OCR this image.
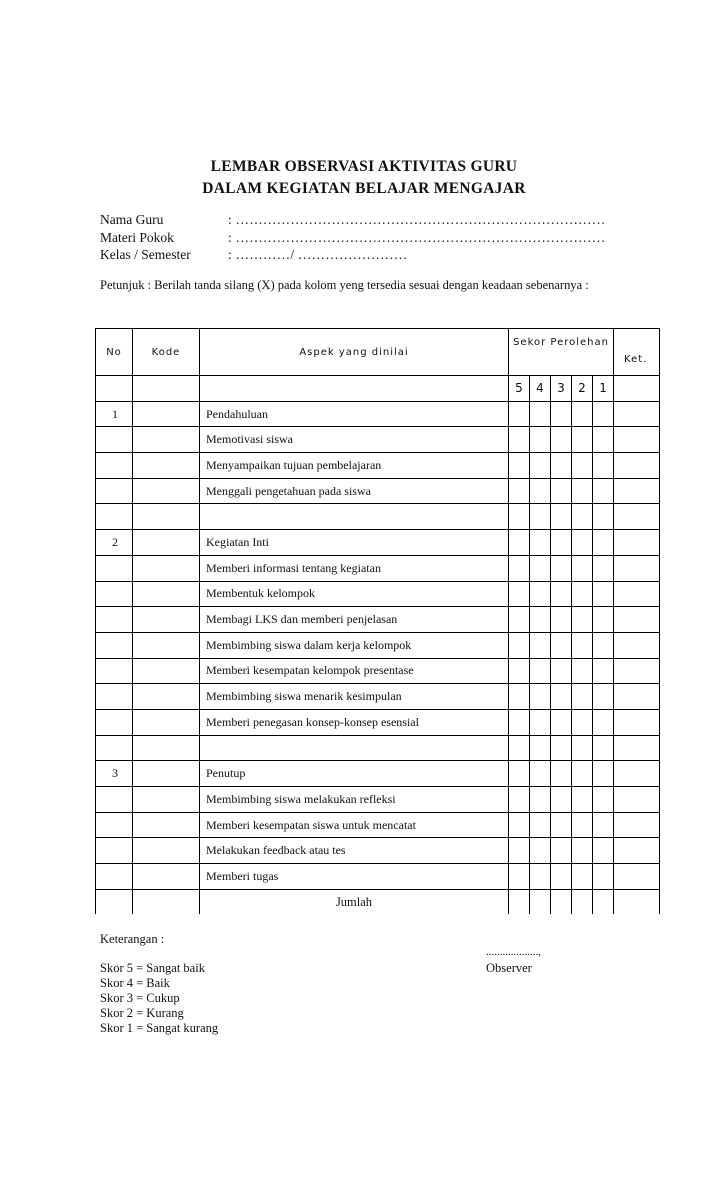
LEMBAR OBSERVASI AKTIVITAS GURU
DALAM KEGIATAN BELAJAR MENGAJAR
Nama Guru	: ………………………………………………………………………
Materi Pokok	: ………………………………………………………………………
Kelas / Semester	: …………/ ……………………
Petunjuk : Berilah tanda silang (X) pada kolom yeng tersedia sesuai dengan keadaan sebenarnya :
No	Kode	Aspek yang dinilai	Sekor Perolehan					Ket.

			5	4	3	2	1	
1		Pendahuluan						
		Memotivasi siswa						
		Menyampaikan tujuan pembelajaran						
		Menggali pengetahuan pada siswa						

2		Kegiatan Inti						
		Memberi informasi tentang kegiatan						
		Membentuk kelompok						
		Membagi LKS dan memberi penjelasan						
		Membimbing siswa dalam kerja kelompok						
		Memberi kesempatan kelompok presentase						
		Membimbing siswa menarik kesimpulan						
		Memberi penegasan konsep-konsep esensial						

3		Penutup						
		Membimbing siswa melakukan refleksi						
		Memberi kesempatan siswa untuk mencatat						
		Melakukan feedback atau tes						
		Memberi tugas						
		Jumlah						
Keterangan :
...................,
Observer
Skor 5 = Sangat baik
Skor 4 = Baik
Skor 3 = Cukup
Skor 2 = Kurang
Skor 1 = Sangat kurang
